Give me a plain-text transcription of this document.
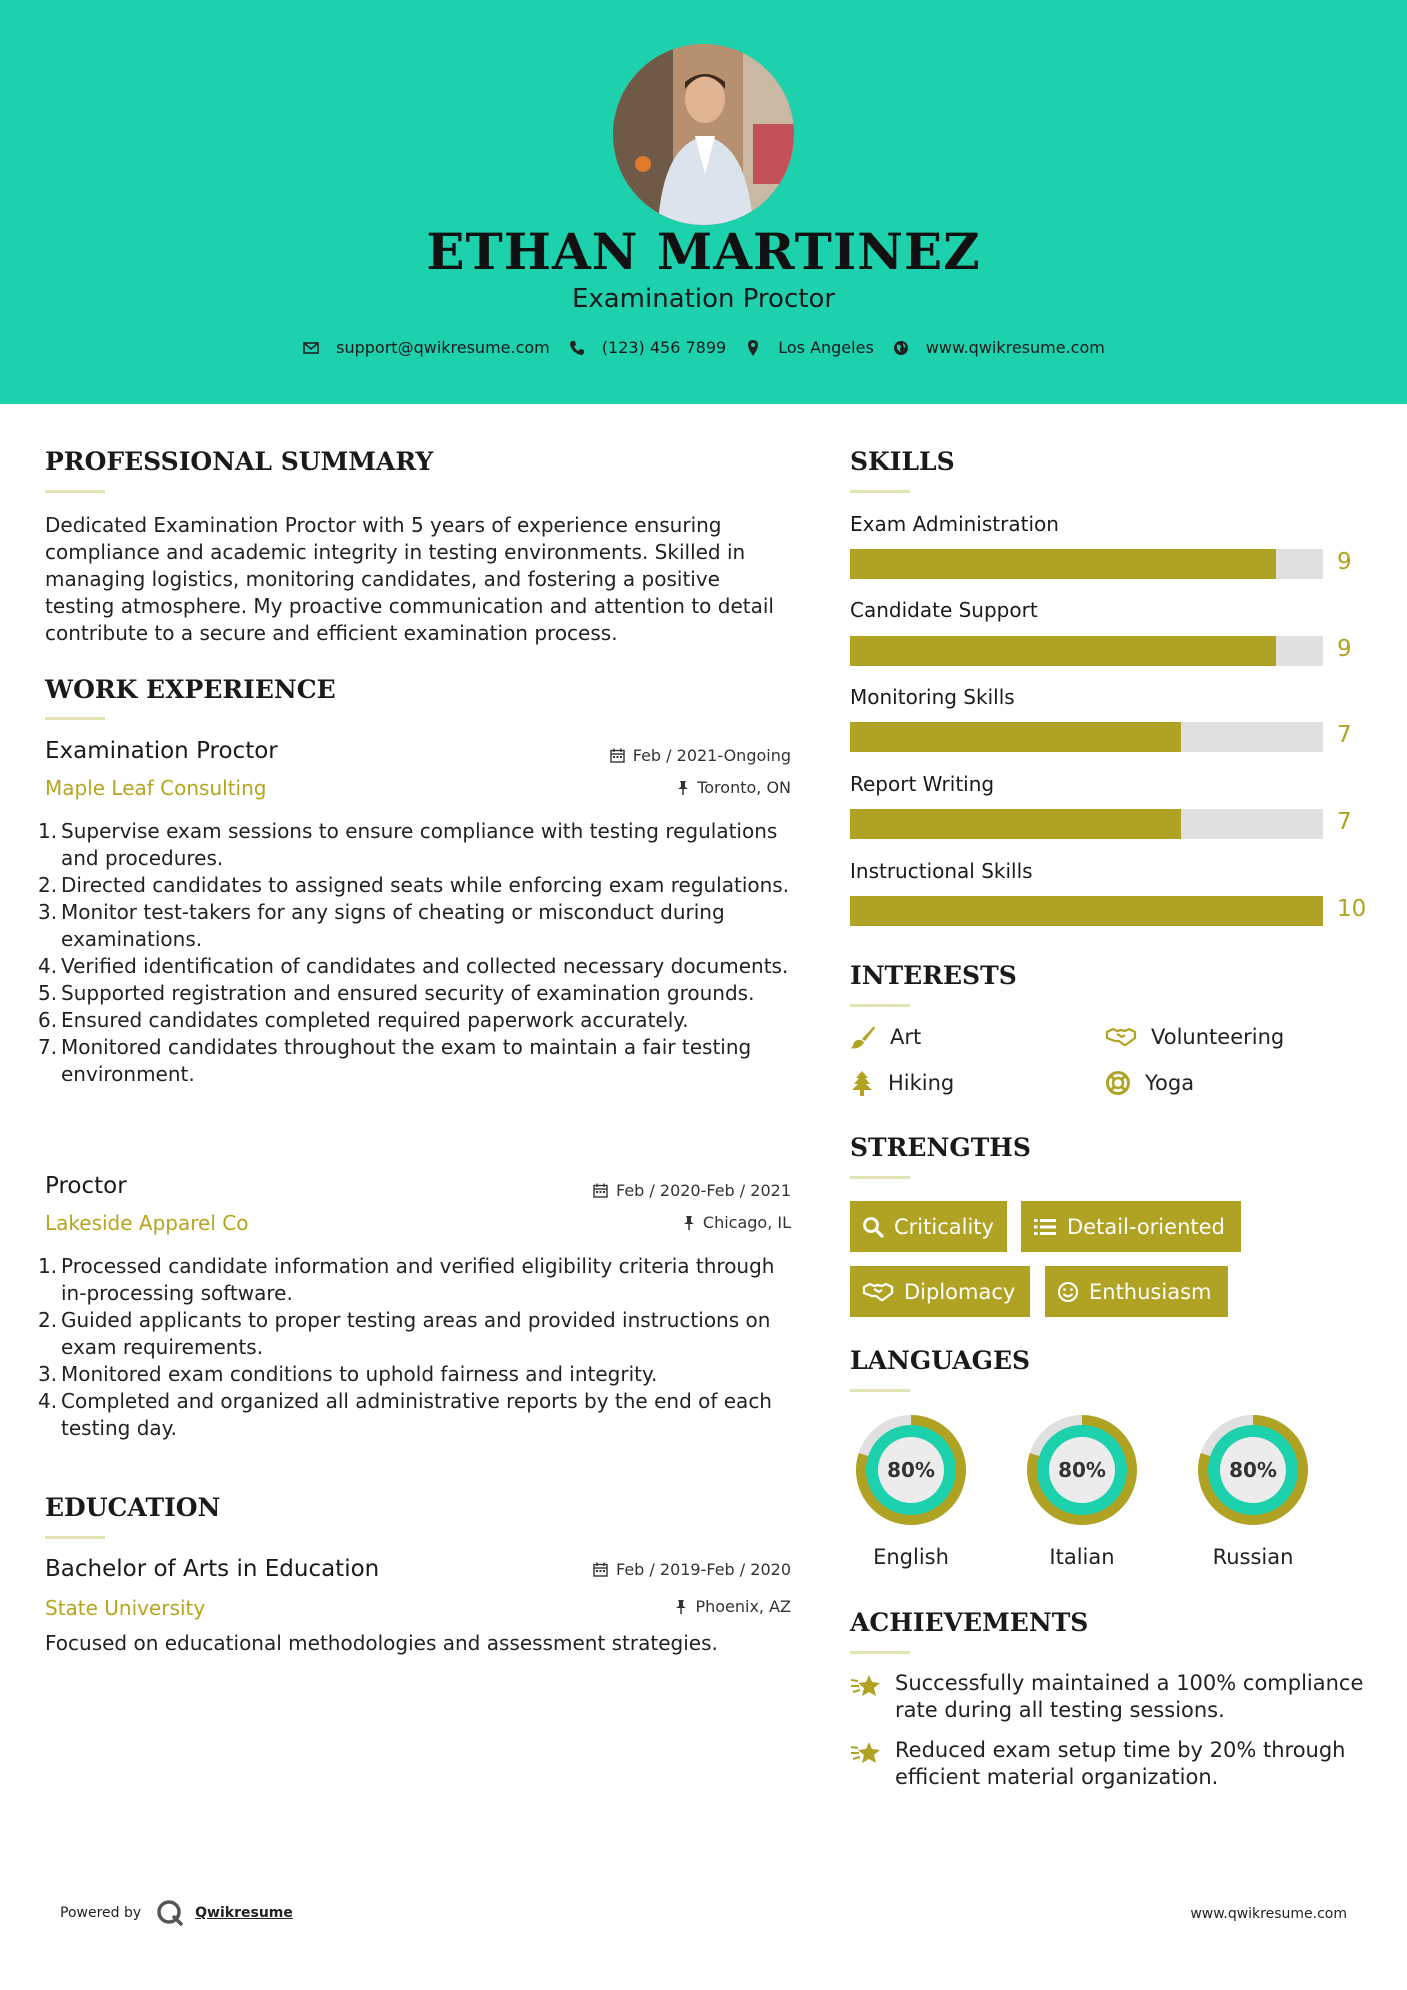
ETHAN MARTINEZ
Examination Proctor
support@qwikresume.com	(123) 456 7899	Los Angeles	www.qwikresume.com
PROFESSIONAL SUMMARY
Dedicated Examination Proctor with 5 years of experience ensuring compliance and academic integrity in testing environments. Skilled in managing logistics, monitoring candidates, and fostering a positive testing atmosphere. My proactive communication and attention to detail contribute to a secure and efficient examination process.
WORK EXPERIENCE
Examination Proctor	Feb / 2021-Ongoing
Maple Leaf Consulting	Toronto, ON
1. Supervise exam sessions to ensure compliance with testing regulations and procedures.
2. Directed candidates to assigned seats while enforcing exam regulations.
3. Monitor test-takers for any signs of cheating or misconduct during examinations.
4. Verified identification of candidates and collected necessary documents.
5. Supported registration and ensured security of examination grounds.
6. Ensured candidates completed required paperwork accurately.
7. Monitored candidates throughout the exam to maintain a fair testing environment.
Proctor	Feb / 2020-Feb / 2021
Lakeside Apparel Co	Chicago, IL
1. Processed candidate information and verified eligibility criteria through in-processing software.
2. Guided applicants to proper testing areas and provided instructions on exam requirements.
3. Monitored exam conditions to uphold fairness and integrity.
4. Completed and organized all administrative reports by the end of each testing day.
EDUCATION
Bachelor of Arts in Education	Feb / 2019-Feb / 2020
State University	Phoenix, AZ
Focused on educational methodologies and assessment strategies.
SKILLS
Exam Administration
9
Candidate Support
9
Monitoring Skills
7
Report Writing
7
Instructional Skills
10
INTERESTS
Art	Volunteering
Hiking	Yoga
STRENGTHS
Criticality	Detail-oriented
Diplomacy	Enthusiasm
LANGUAGES
80%
English
80%
Italian
80%
Russian
ACHIEVEMENTS
Successfully maintained a 100% compliance rate during all testing sessions.
Reduced exam setup time by 20% through efficient material organization.
Powered by	Qwikresume	www.qwikresume.com
